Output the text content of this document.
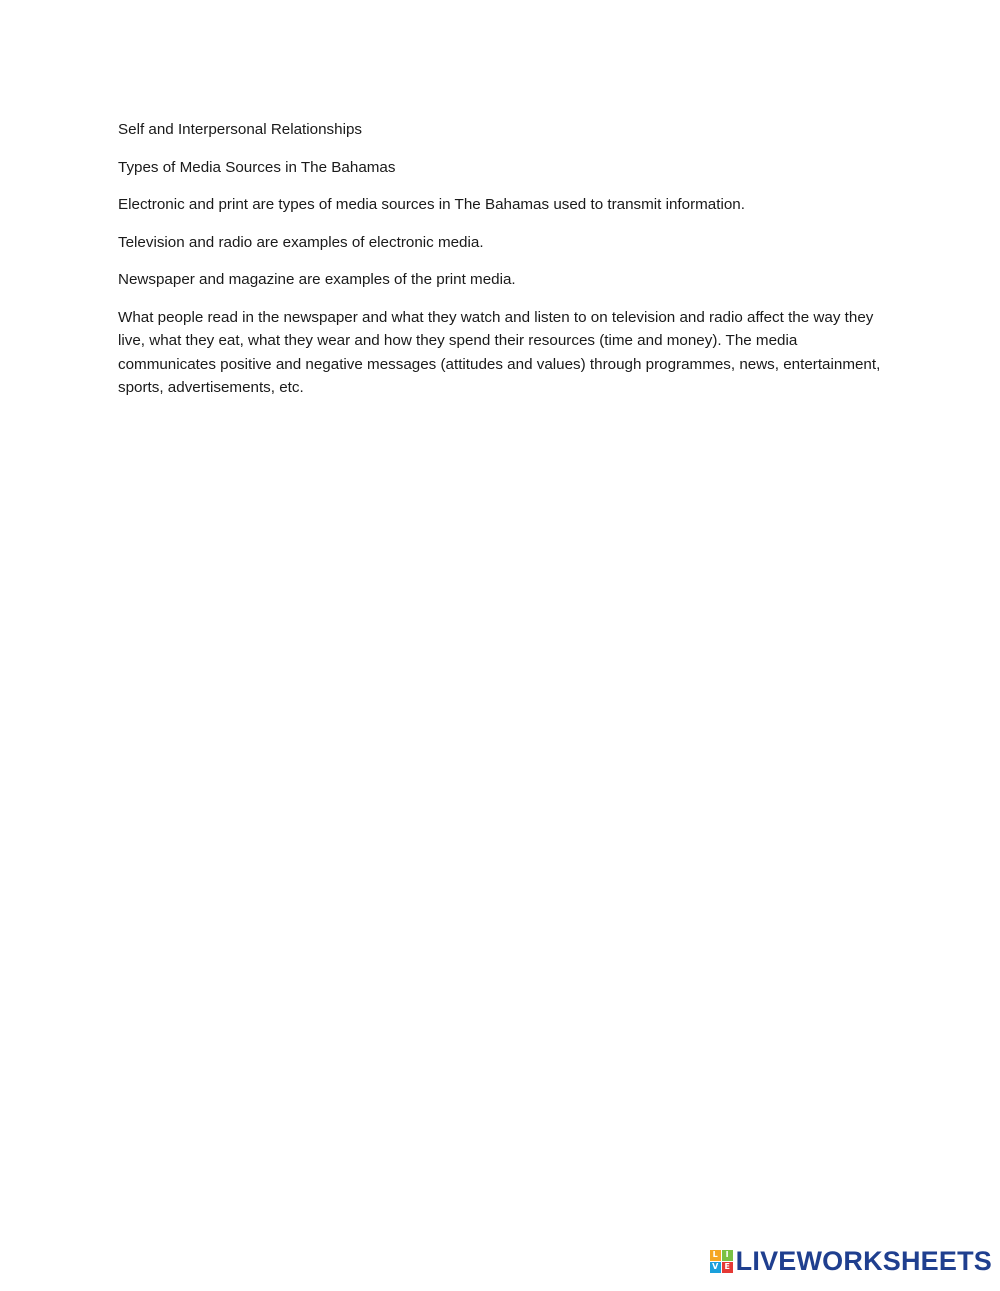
Self and Interpersonal Relationships

Types of Media Sources in The Bahamas

Electronic and print are types of media sources in The Bahamas used to transmit information.

Television and radio are examples of electronic media.

Newspaper and magazine are examples of the print media.

What people read in the newspaper and what they watch and listen to on television and radio affect the way they live, what they eat, what they wear and how they spend their resources (time and money). The media communicates positive and negative messages (attitudes and values) through programmes, news, entertainment, sports, advertisements, etc.

L I
V E LIVEWORKSHEETS
